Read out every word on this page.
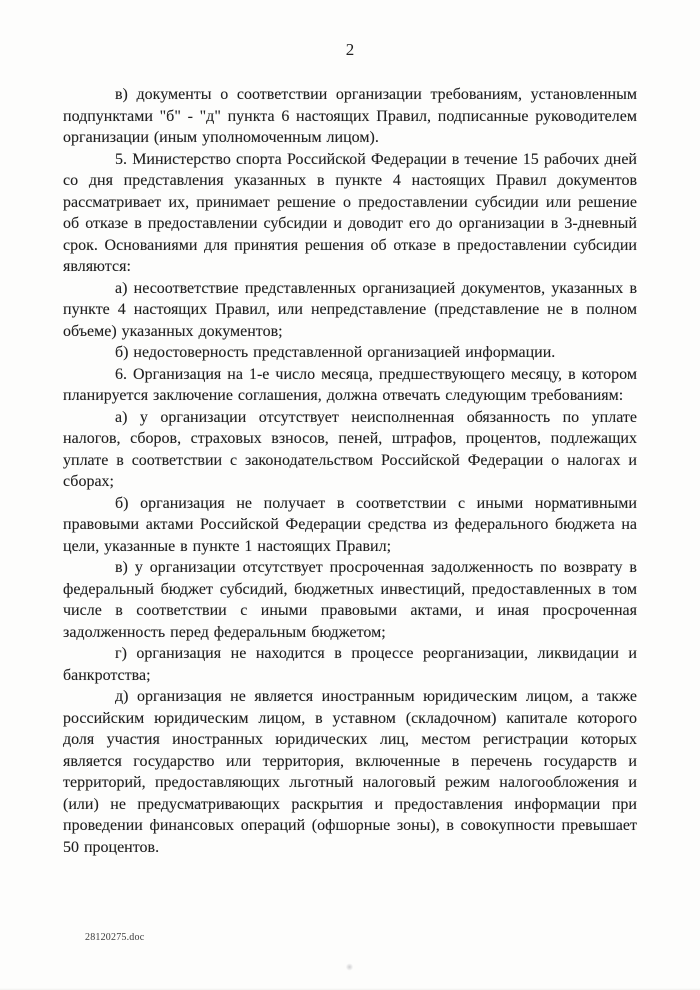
2

в) документы о соответствии организации требованиям, установленным подпунктами "б" - "д" пункта 6 настоящих Правил, подписанные руководителем организации (иным уполномоченным лицом).

5. Министерство спорта Российской Федерации в течение 15 рабочих дней со дня представления указанных в пункте 4 настоящих Правил документов рассматривает их, принимает решение о предоставлении субсидии или решение об отказе в предоставлении субсидии и доводит его до организации в 3-дневный срок. Основаниями для принятия решения об отказе в предоставлении субсидии являются:

а) несоответствие представленных организацией документов, указанных в пункте 4 настоящих Правил, или непредставление (представление не в полном объеме) указанных документов;

б) недостоверность представленной организацией информации.

6. Организация на 1-е число месяца, предшествующего месяцу, в котором планируется заключение соглашения, должна отвечать следующим требованиям:

а) у организации отсутствует неисполненная обязанность по уплате налогов, сборов, страховых взносов, пеней, штрафов, процентов, подлежащих уплате в соответствии с законодательством Российской Федерации о налогах и сборах;

б) организация не получает в соответствии с иными нормативными правовыми актами Российской Федерации средства из федерального бюджета на цели, указанные в пункте 1 настоящих Правил;

в) у организации отсутствует просроченная задолженность по возврату в федеральный бюджет субсидий, бюджетных инвестиций, предоставленных в том числе в соответствии с иными правовыми актами, и иная просроченная задолженность перед федеральным бюджетом;

г) организация не находится в процессе реорганизации, ликвидации и банкротства;

д) организация не является иностранным юридическим лицом, а также российским юридическим лицом, в уставном (складочном) капитале которого доля участия иностранных юридических лиц, местом регистрации которых является государство или территория, включенные в перечень государств и территорий, предоставляющих льготный налоговый режим налогообложения и (или) не предусматривающих раскрытия и предоставления информации при проведении финансовых операций (офшорные зоны), в совокупности превышает 50 процентов.

28120275.doc
